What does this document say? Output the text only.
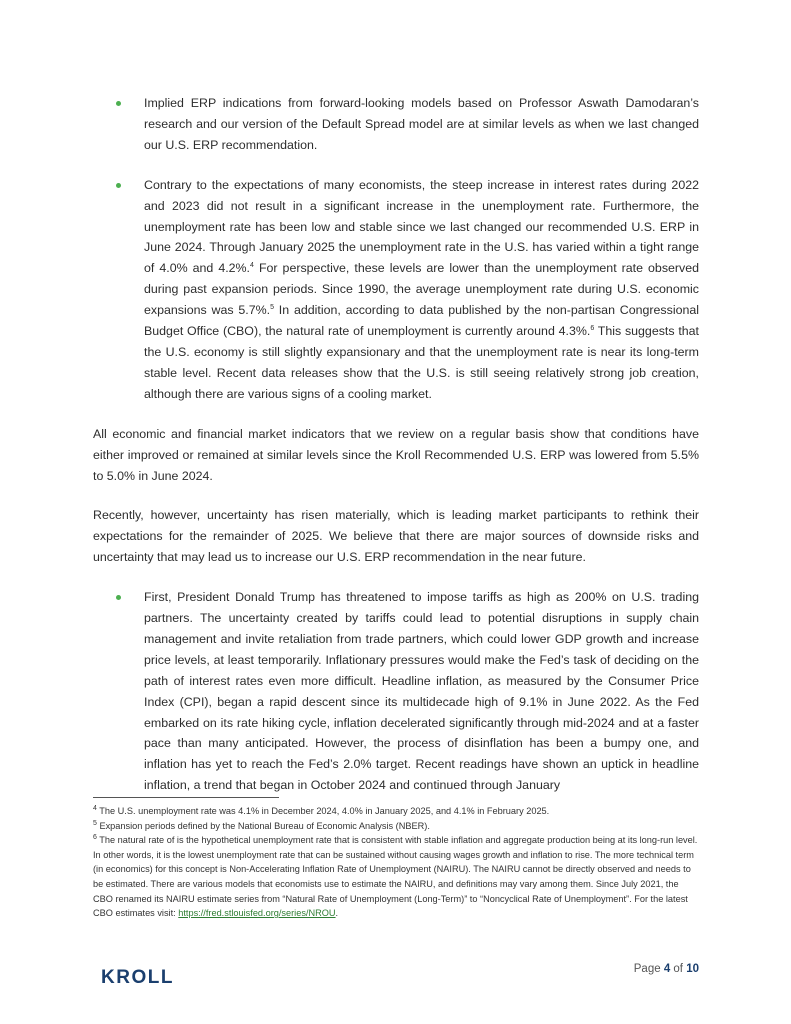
Implied ERP indications from forward-looking models based on Professor Aswath Damodaran’s research and our version of the Default Spread model are at similar levels as when we last changed our U.S. ERP recommendation.
Contrary to the expectations of many economists, the steep increase in interest rates during 2022 and 2023 did not result in a significant increase in the unemployment rate. Furthermore, the unemployment rate has been low and stable since we last changed our recommended U.S. ERP in June 2024. Through January 2025 the unemployment rate in the U.S. has varied within a tight range of 4.0% and 4.2%.$^4$ For perspective, these levels are lower than the unemployment rate observed during past expansion periods. Since 1990, the average unemployment rate during U.S. economic expansions was 5.7%.$^5$ In addition, according to data published by the non-partisan Congressional Budget Office (CBO), the natural rate of unemployment is currently around 4.3%.$^6$ This suggests that the U.S. economy is still slightly expansionary and that the unemployment rate is near its long-term stable level. Recent data releases show that the U.S. is still seeing relatively strong job creation, although there are various signs of a cooling market.

All economic and financial market indicators that we review on a regular basis show that conditions have either improved or remained at similar levels since the Kroll Recommended U.S. ERP was lowered from 5.5% to 5.0% in June 2024.

Recently, however, uncertainty has risen materially, which is leading market participants to rethink their expectations for the remainder of 2025. We believe that there are major sources of downside risks and uncertainty that may lead us to increase our U.S. ERP recommendation in the near future.

First, President Donald Trump has threatened to impose tariffs as high as 200% on U.S. trading partners. The uncertainty created by tariffs could lead to potential disruptions in supply chain management and invite retaliation from trade partners, which could lower GDP growth and increase price levels, at least temporarily. Inflationary pressures would make the Fed’s task of deciding on the path of interest rates even more difficult. Headline inflation, as measured by the Consumer Price Index (CPI), began a rapid descent since its multidecade high of 9.1% in June 2022. As the Fed embarked on its rate hiking cycle, inflation decelerated significantly through mid-2024 and at a faster pace than many anticipated. However, the process of disinflation has been a bumpy one, and inflation has yet to reach the Fed’s 2.0% target. Recent readings have shown an uptick in headline inflation, a trend that began in October 2024 and continued through January

$^4$ The U.S. unemployment rate was 4.1% in December 2024, 4.0% in January 2025, and 4.1% in February 2025.

$^5$ Expansion periods defined by the National Bureau of Economic Analysis (NBER).

$^6$ The natural rate of is the hypothetical unemployment rate that is consistent with stable inflation and aggregate production being at its long-run level. In other words, it is the lowest unemployment rate that can be sustained without causing wages growth and inflation to rise. The more technical term (in economics) for this concept is Non-Accelerating Inflation Rate of Unemployment (NAIRU). The NAIRU cannot be directly observed and needs to be estimated. There are various models that economists use to estimate the NAIRU, and definitions may vary among them. Since July 2021, the CBO renamed its NAIRU estimate series from “Natural Rate of Unemployment (Long-Term)” to “Noncyclical Rate of Unemployment”. For the latest CBO estimates visit: https://fred.stlouisfed.org/series/NROU.

KROLL	Page 4 of 10
